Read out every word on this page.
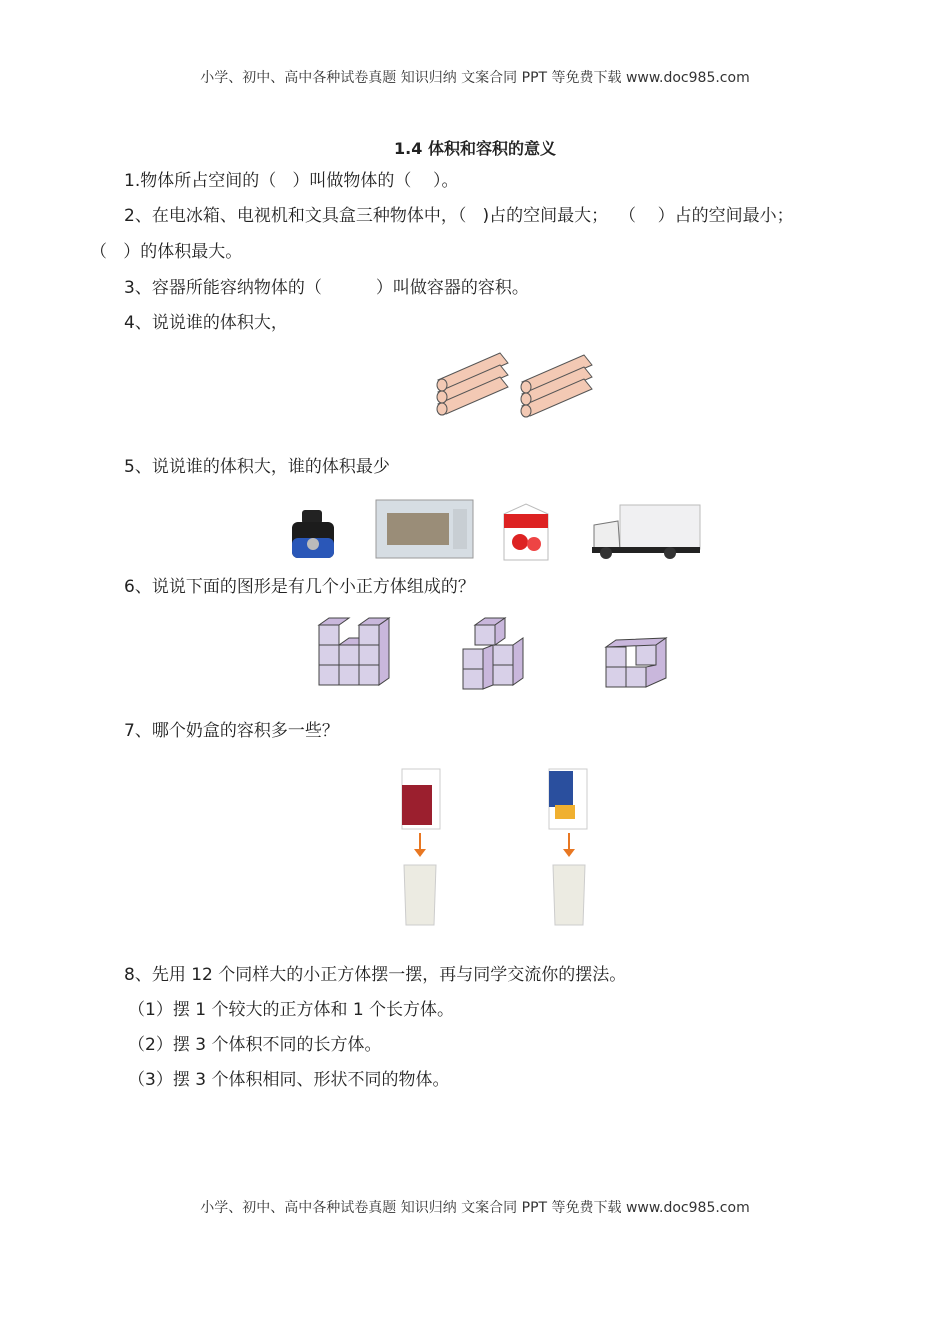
小学、初中、高中各种试卷真题 知识归纳 文案合同 PPT 等免费下载 www.doc985.com
1.4 体积和容积的意义
1.物体所占空间的（   ）叫做物体的（    ）。
2、在电冰箱、电视机和文具盒三种物体中，（   )占的空间最大；  （    ）占的空间最小；
（   ）的体积最大。
3、容器所能容纳物体的（          ）叫做容器的容积。
4、说说谁的体积大，
5、说说谁的体积大，谁的体积最少
6、说说下面的图形是有几个小正方体组成的？
7、哪个奶盒的容积多一些？
8、先用 12 个同样大的小正方体摆一摆，再与同学交流你的摆法。
（1）摆 1 个较大的正方体和 1 个长方体。
（2）摆 3 个体积不同的长方体。
（3）摆 3 个体积相同、形状不同的物体。
小学、初中、高中各种试卷真题 知识归纳 文案合同 PPT 等免费下载 www.doc985.com
